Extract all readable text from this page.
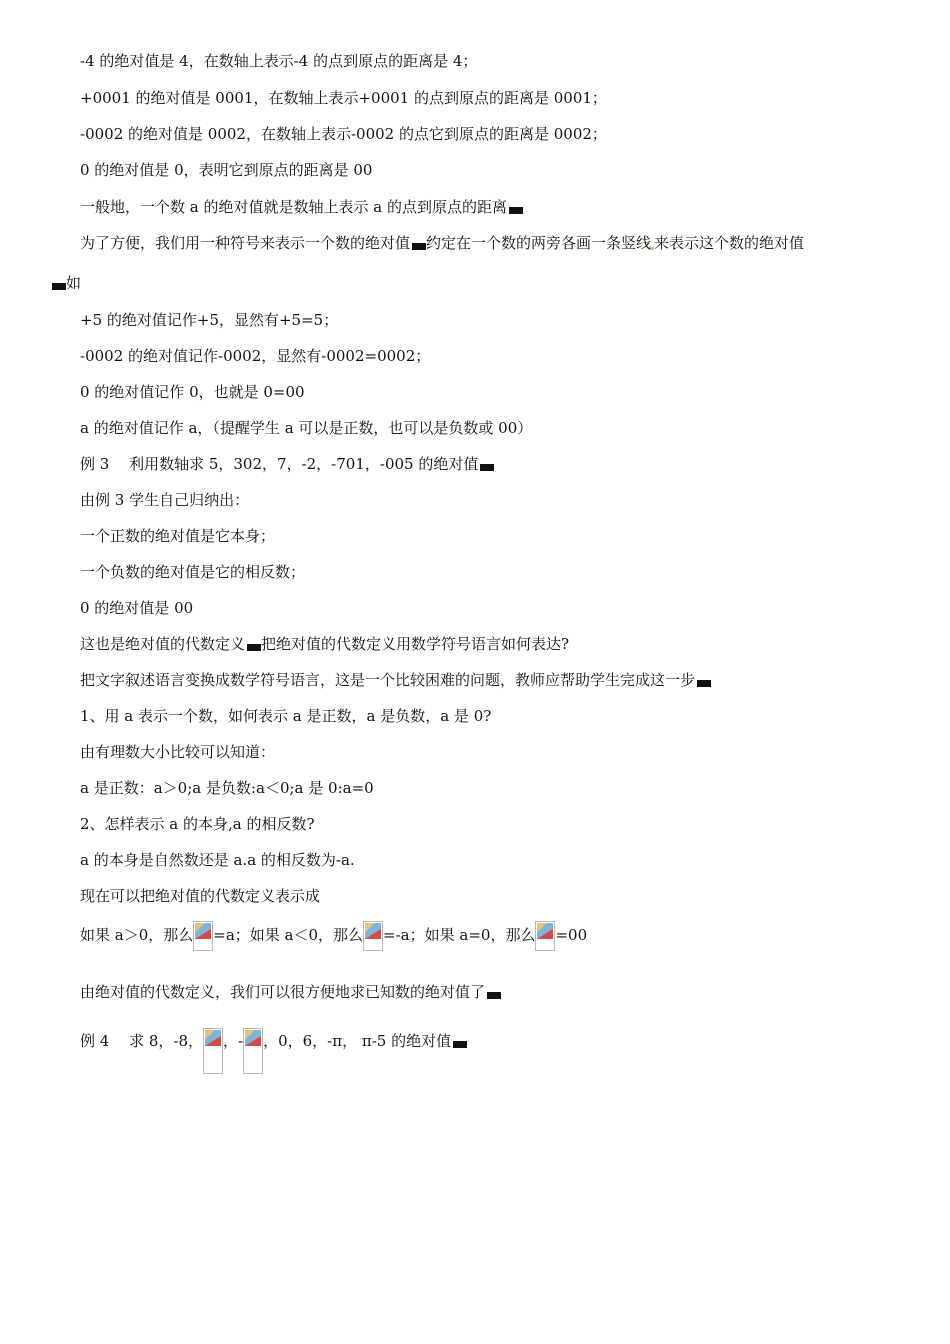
-4 的绝对值是 4，在数轴上表示-4 的点到原点的距离是 4；
+0001 的绝对值是 0001，在数轴上表示+0001 的点到原点的距离是 0001；
-0002 的绝对值是 0002，在数轴上表示-0002 的点它到原点的距离是 0002；
0 的绝对值是 0，表明它到原点的距离是 00
一般地，一个数 a 的绝对值就是数轴上表示 a 的点到原点的距离
为了方便，我们用一种符号来表示一个数的绝对值 约定在一个数的两旁各画一条竖线 来表示这个数的绝对值
如
+5 的绝对值记作+5，显然有+5=5；
-0002 的绝对值记作-0002，显然有-0002=0002；
0 的绝对值记作 0，也就是 0=00
a 的绝对值记作 a，（提醒学生 a 可以是正数，也可以是负数或 00）
例 3　 利用数轴求 5，302，7，-2，-701，-005 的绝对值
由例 3 学生自己归纳出：
一个正数的绝对值是它本身；
一个负数的绝对值是它的相反数；
0 的绝对值是 00
这也是绝对值的代数定义 把绝对值的代数定义用数学符号语言如何表达?
把文字叙述语言变换成数学符号语言，这是一个比较困难的问题，教师应帮助学生完成这一步
1、用 a 表示一个数，如何表示 a 是正数，a 是负数，a 是 0?
由有理数大小比较可以知道：
a 是正数：a＞0;a 是负数:a＜0;a 是 0:a=0
2、怎样表示 a 的本身,a 的相反数?
a 的本身是自然数还是 a.a 的相反数为-a.
现在可以把绝对值的代数定义表示成
如果 a＞0，那么 =a；如果 a＜0，那么 =-a；如果 a=0，那么 =00
由绝对值的代数定义，我们可以很方便地求已知数的绝对值了
例 4　 求 8，-8， ，- ，0，6，-π， π-5 的绝对值
